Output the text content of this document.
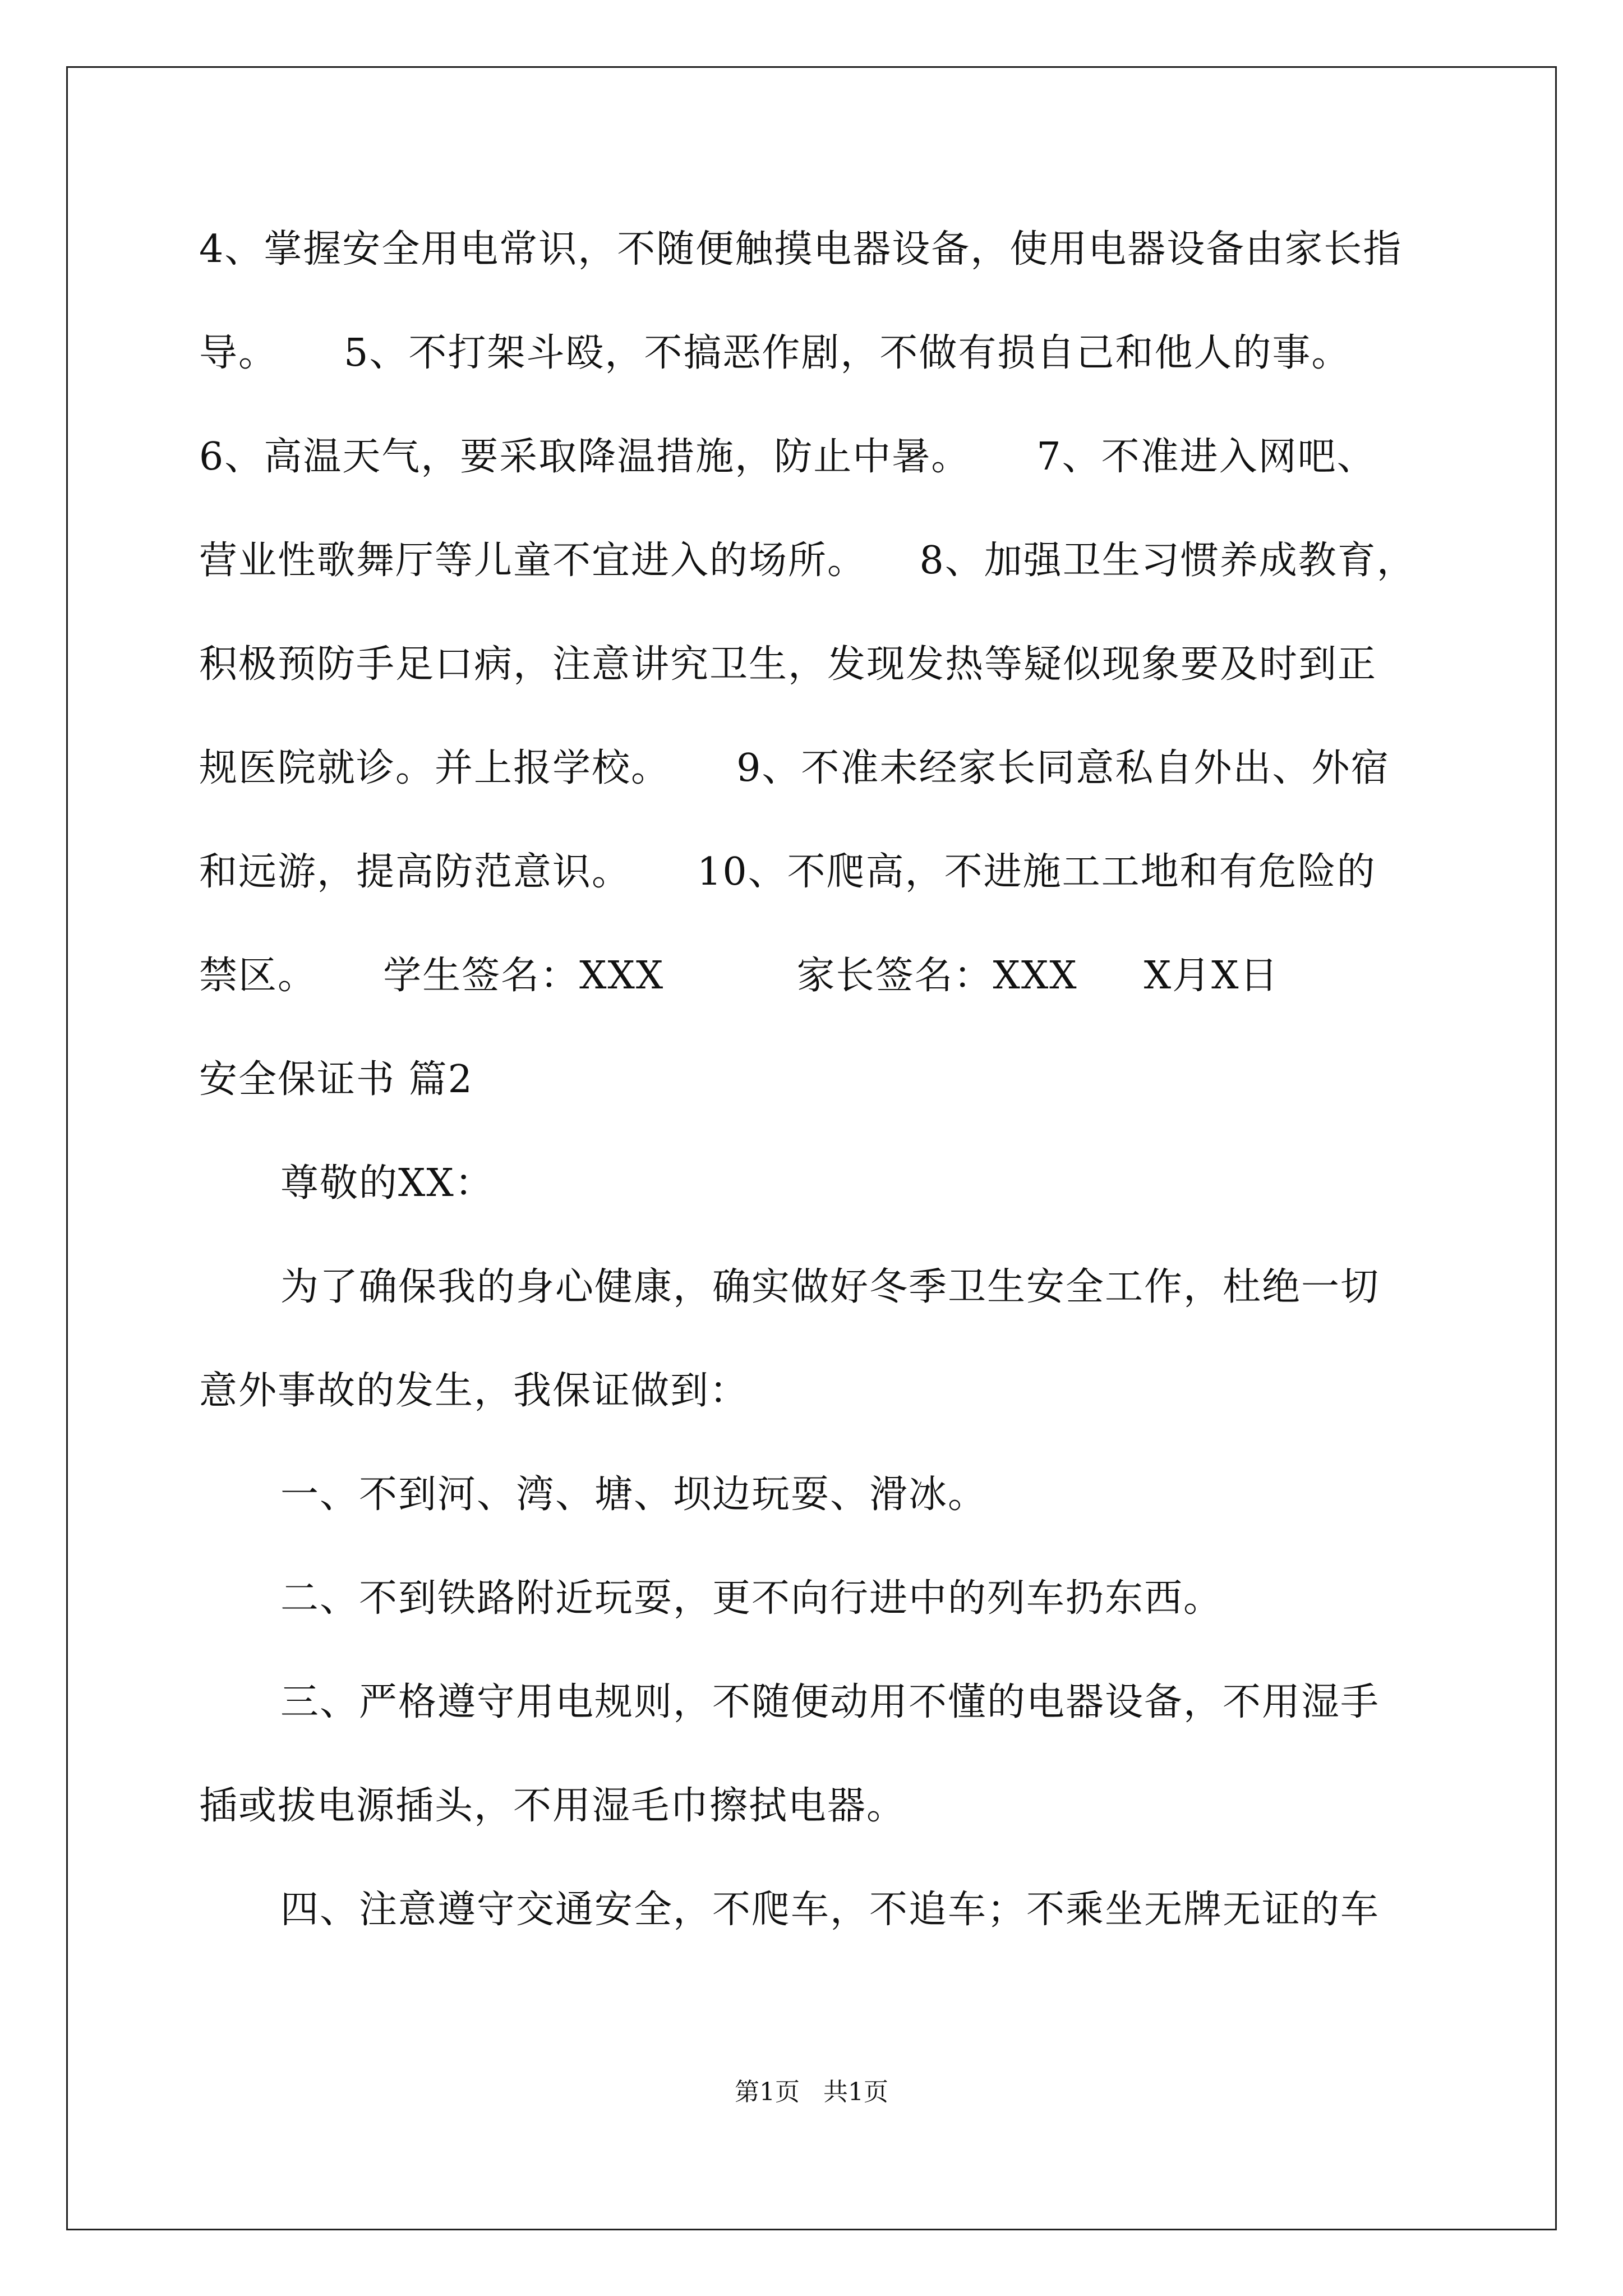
4、掌握安全用电常识，不随便触摸电器设备，使用电器设备由家长指
导。     5、不打架斗殴，不搞恶作剧，不做有损自己和他人的事。
6、高温天气，要采取降温措施，防止中暑。     7、不准进入网吧、
营业性歌舞厅等儿童不宜进入的场所。    8、加强卫生习惯养成教育，
积极预防手足口病，注意讲究卫生，发现发热等疑似现象要及时到正
规医院就诊。并上报学校。     9、不准未经家长同意私自外出、外宿
和远游，提高防范意识。     10、不爬高，不进施工工地和有危险的
禁区。     学生签名：XXX          家长签名：XXX     X月X日
安全保证书 篇2
尊敬的XX：
为了确保我的身心健康，确实做好冬季卫生安全工作，杜绝一切
意外事故的发生，我保证做到：
一、不到河、湾、塘、坝边玩耍、滑冰。
二、不到铁路附近玩耍，更不向行进中的列车扔东西。
三、严格遵守用电规则，不随便动用不懂的电器设备，不用湿手
插或拔电源插头，不用湿毛巾擦拭电器。
四、注意遵守交通安全，不爬车，不追车；不乘坐无牌无证的车
第1页   共1页
